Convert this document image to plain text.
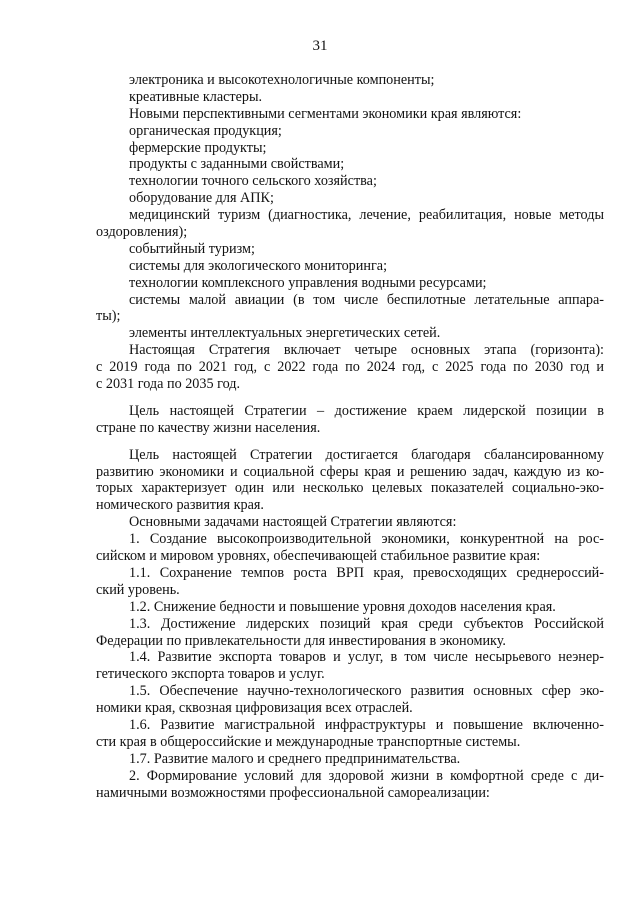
31
электроника и высокотехнологичные компоненты;
креативные кластеры.
Новыми перспективными сегментами экономики края являются:
органическая продукция;
фермерские продукты;
продукты с заданными свойствами;
технологии точного сельского хозяйства;
оборудование для АПК;
медицинский туризм (диагностика, лечение, реабилитация, новые методы
оздоровления);
событийный туризм;
системы для экологического мониторинга;
технологии комплексного управления водными ресурсами;
системы малой авиации (в том числе беспилотные летательные аппара-
ты);
элементы интеллектуальных энергетических сетей.
Настоящая Стратегия включает четыре основных этапа (горизонта):
с 2019 года по 2021 год, с 2022 года по 2024 год, с 2025 года по 2030 год и
с 2031 года по 2035 год.
Цель настоящей Стратегии – достижение краем лидерской позиции в
стране по качеству жизни населения.
Цель настоящей Стратегии достигается благодаря сбалансированному
развитию экономики и социальной сферы края и решению задач, каждую из ко-
торых характеризует один или несколько целевых показателей социально-эко-
номического развития края.
Основными задачами настоящей Стратегии являются:
1. Создание высокопроизводительной экономики, конкурентной на рос-
сийском и мировом уровнях, обеспечивающей стабильное развитие края:
1.1. Сохранение темпов роста ВРП края, превосходящих среднероссий-
ский уровень.
1.2. Снижение бедности и повышение уровня доходов населения края.
1.3. Достижение лидерских позиций края среди субъектов Российской
Федерации по привлекательности для инвестирования в экономику.
1.4. Развитие экспорта товаров и услуг, в том числе несырьевого неэнер-
гетического экспорта товаров и услуг.
1.5. Обеспечение научно-технологического развития основных сфер эко-
номики края, сквозная цифровизация всех отраслей.
1.6. Развитие магистральной инфраструктуры и повышение включенно-
сти края в общероссийские и международные транспортные системы.
1.7. Развитие малого и среднего предпринимательства.
2. Формирование условий для здоровой жизни в комфортной среде с ди-
намичными возможностями профессиональной самореализации:
